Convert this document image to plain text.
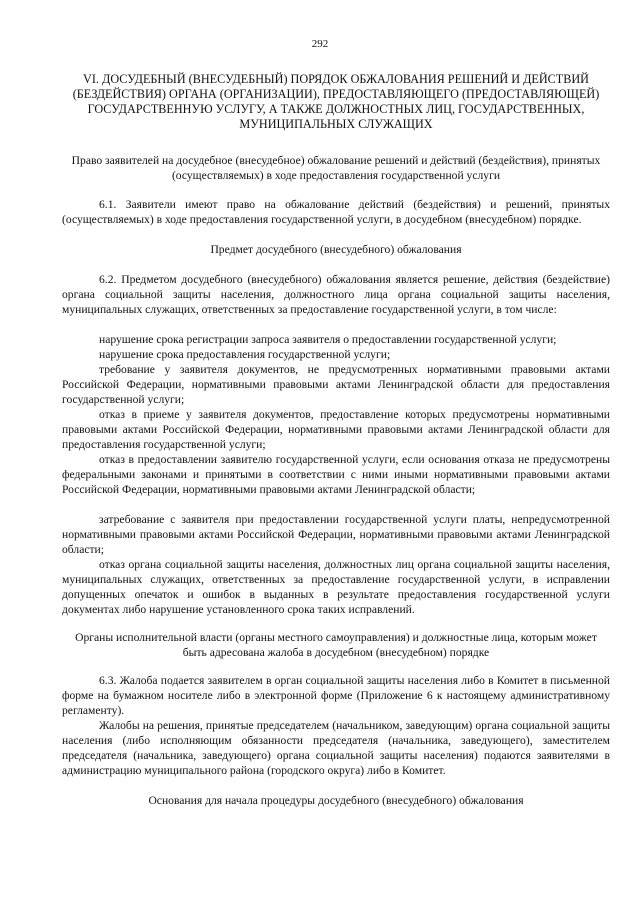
292
VI. ДОСУДЕБНЫЙ (ВНЕСУДЕБНЫЙ) ПОРЯДОК ОБЖАЛОВАНИЯ РЕШЕНИЙ И ДЕЙСТВИЙ (БЕЗДЕЙСТВИЯ) ОРГАНА (ОРГАНИЗАЦИИ), ПРЕДОСТАВЛЯЮЩЕГО (ПРЕДОСТАВЛЯЮЩЕЙ) ГОСУДАРСТВЕННУЮ УСЛУГУ, А ТАКЖЕ ДОЛЖНОСТНЫХ ЛИЦ, ГОСУДАРСТВЕННЫХ, МУНИЦИПАЛЬНЫХ СЛУЖАЩИХ
Право заявителей на досудебное (внесудебное) обжалование решений и действий (бездействия), принятых (осуществляемых) в ходе предоставления государственной услуги
6.1. Заявители имеют право на обжалование действий (бездействия) и решений, принятых (осуществляемых) в ходе предоставления государственной услуги, в досудебном (внесудебном) порядке.
Предмет досудебного (внесудебного) обжалования
6.2. Предметом досудебного (внесудебного) обжалования является решение, действия (бездействие) органа социальной защиты населения, должностного лица органа социальной защиты населения, муниципальных служащих, ответственных за предоставление государственной услуги, в том числе:
нарушение срока регистрации запроса заявителя о предоставлении государственной услуги;
нарушение срока предоставления государственной услуги;
требование у заявителя документов, не предусмотренных нормативными правовыми актами Российской Федерации, нормативными правовыми актами Ленинградской области для предоставления государственной услуги;
отказ в приеме у заявителя документов, предоставление которых предусмотрены нормативными правовыми актами Российской Федерации, нормативными правовыми актами Ленинградской области для предоставления государственной услуги;
отказ в предоставлении заявителю государственной услуги, если основания отказа не предусмотрены федеральными законами и принятыми в соответствии с ними иными нормативными правовыми актами Российской Федерации, нормативными правовыми актами Ленинградской области;
затребование с заявителя при предоставлении государственной услуги платы, непредусмотренной нормативными правовыми актами Российской Федерации, нормативными правовыми актами Ленинградской области;
отказ органа социальной защиты населения, должностных лиц органа социальной защиты населения, муниципальных служащих, ответственных за предоставление государственной услуги, в исправлении допущенных опечаток и ошибок в выданных в результате предоставления государственной услуги документах либо нарушение установленного срока таких исправлений.
Органы исполнительной власти (органы местного самоуправления) и должностные лица, которым может быть адресована жалоба в досудебном (внесудебном) порядке
6.3. Жалоба подается заявителем в орган социальной защиты населения либо в Комитет в письменной форме на бумажном носителе либо в электронной форме (Приложение 6 к настоящему административному регламенту).
Жалобы на решения, принятые председателем (начальником, заведующим) органа социальной защиты населения (либо исполняющим обязанности председателя (начальника, заведующего), заместителем председателя (начальника, заведующего) органа социальной защиты населения) подаются заявителями в администрацию муниципального района (городского округа) либо в Комитет.
Основания для начала процедуры досудебного (внесудебного) обжалования
